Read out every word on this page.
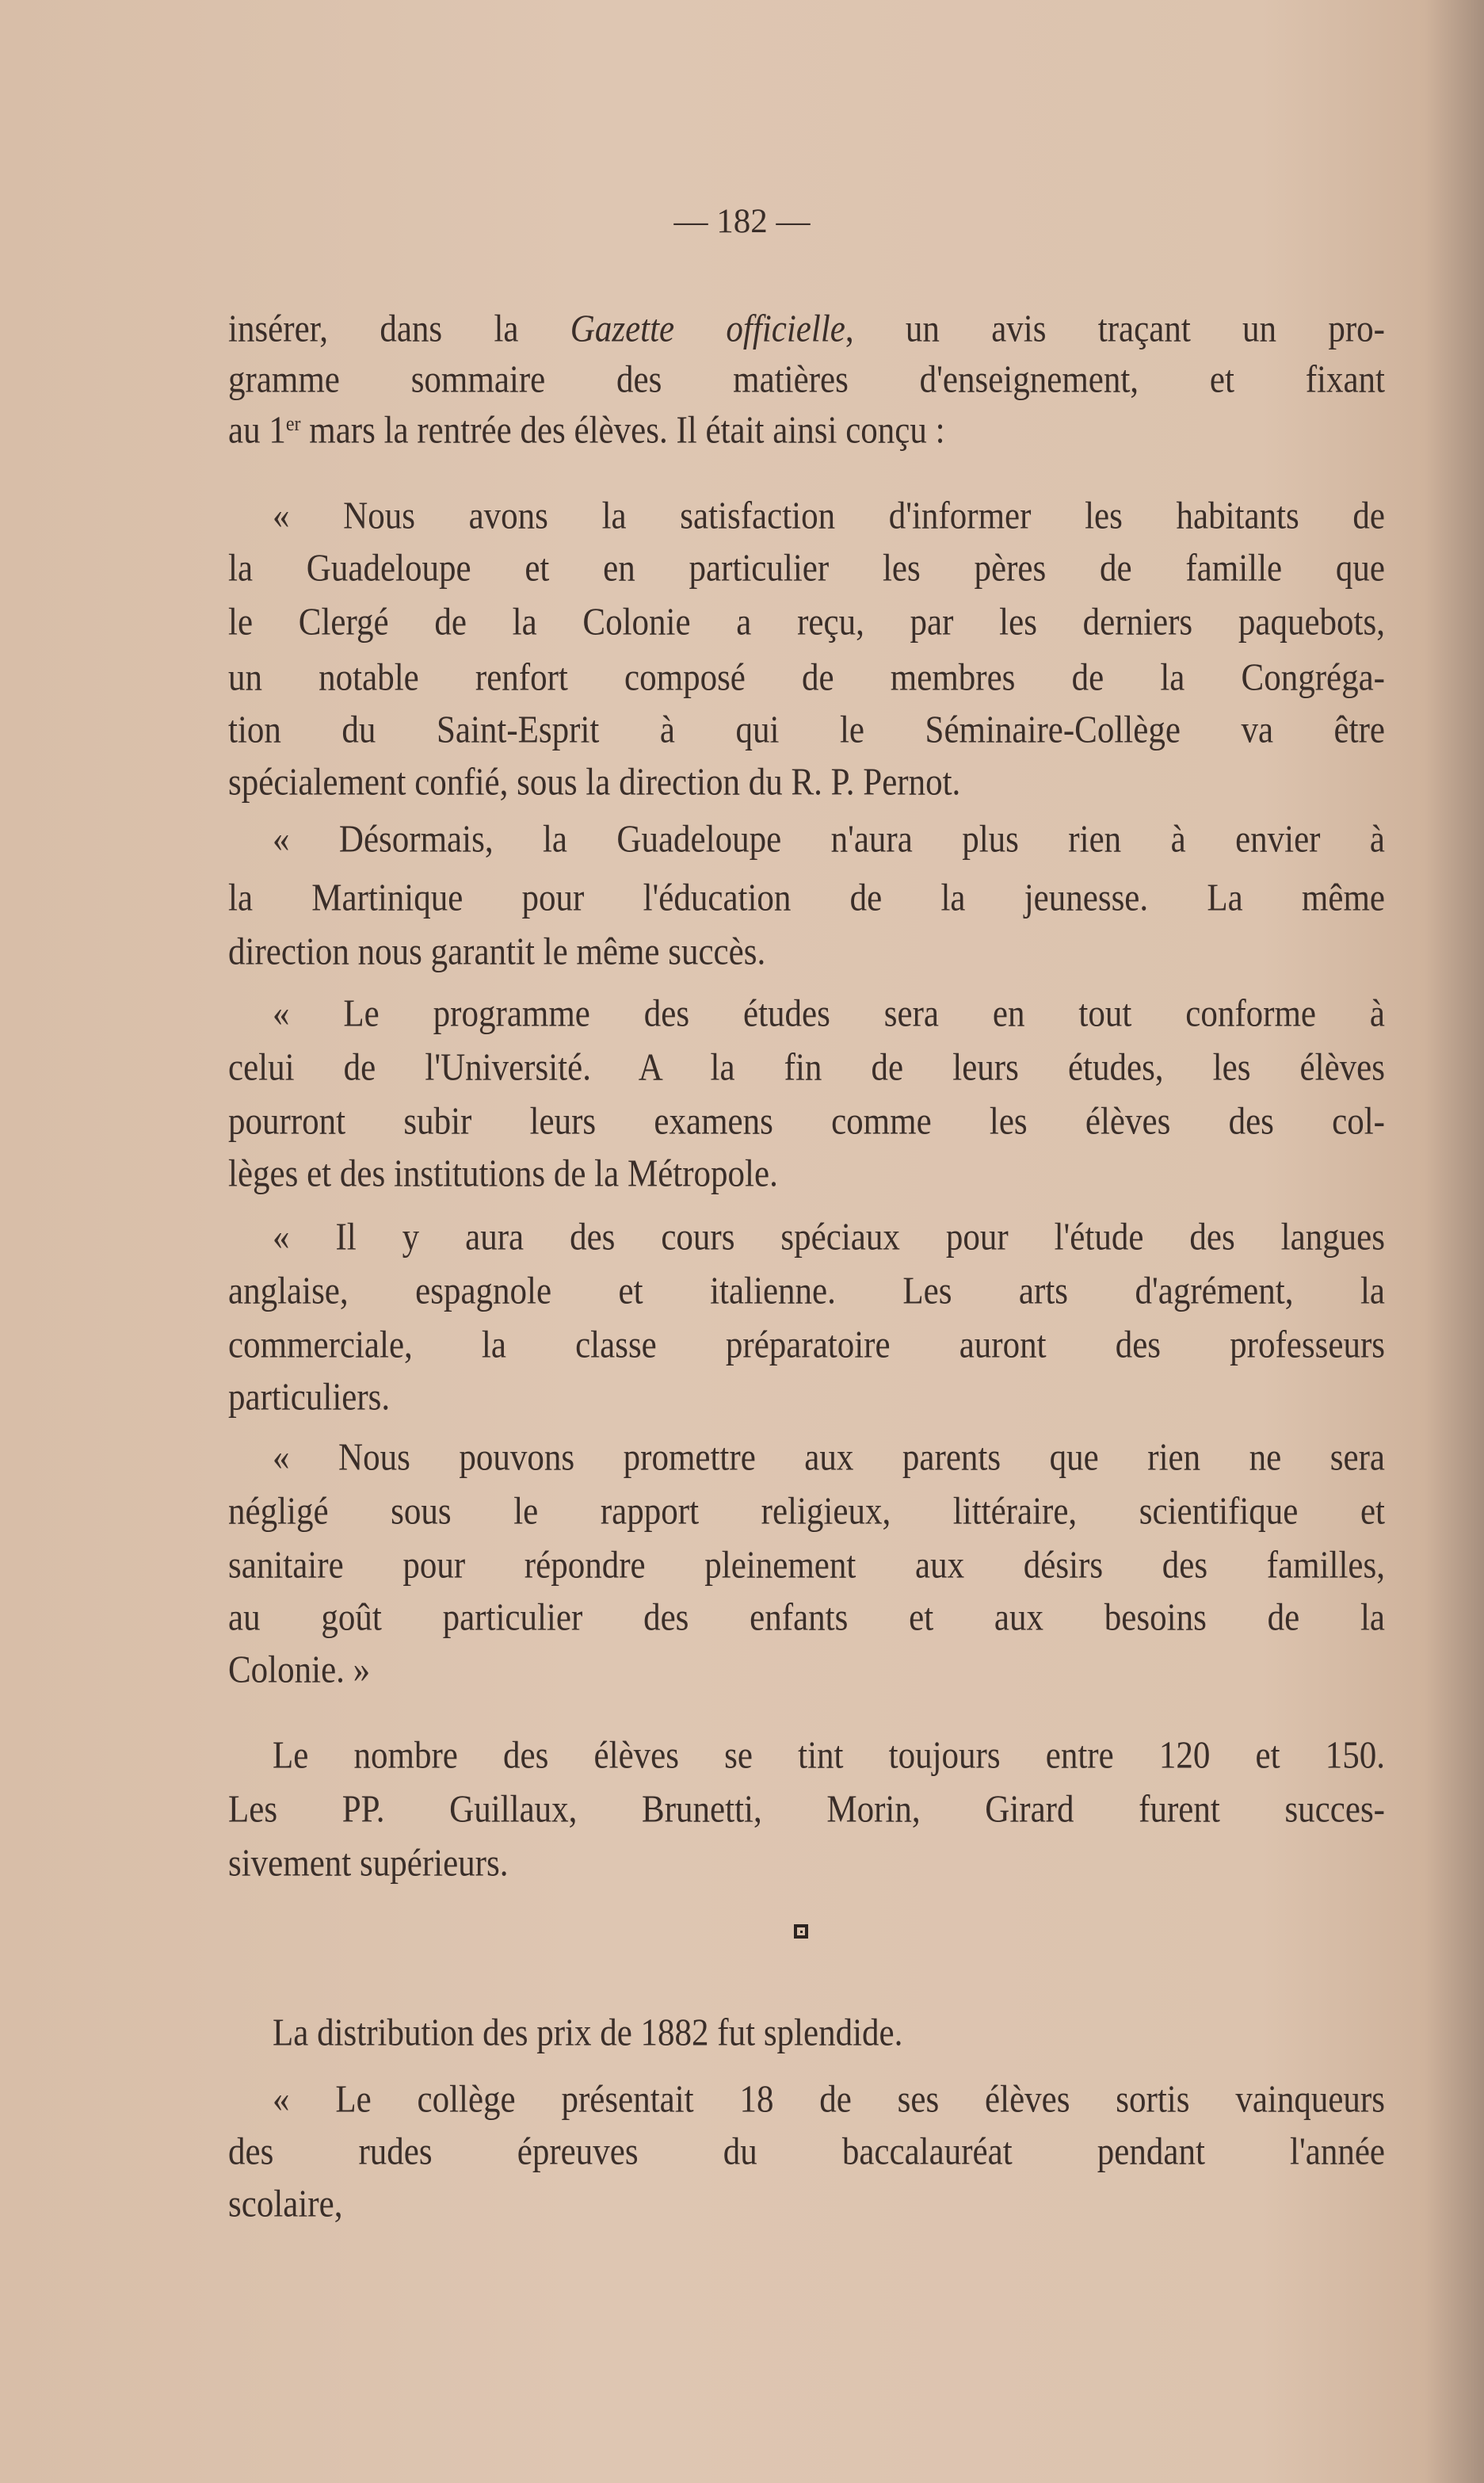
— 182 —
insérer, dans la Gazette officielle, un avis traçant un pro-
gramme sommaire des matières d'enseignement, et fixant
au 1er mars la rentrée des élèves. Il était ainsi conçu :
« Nous avons la satisfaction d'informer les habitants de
la Guadeloupe et en particulier les pères de famille que
le Clergé de la Colonie a reçu, par les derniers paquebots,
un notable renfort composé de membres de la Congréga-
tion du Saint-Esprit à qui le Séminaire-Collège va être
spécialement confié, sous la direction du R. P. Pernot.
« Désormais, la Guadeloupe n'aura plus rien à envier à
la Martinique pour l'éducation de la jeunesse. La même
direction nous garantit le même succès.
« Le programme des études sera en tout conforme à
celui de l'Université. A la fin de leurs études, les élèves
pourront subir leurs examens comme les élèves des col-
lèges et des institutions de la Métropole.
« Il y aura des cours spéciaux pour l'étude des langues
anglaise, espagnole et italienne. Les arts d'agrément, la
commerciale, la classe préparatoire auront des professeurs
particuliers.
« Nous pouvons promettre aux parents que rien ne sera
négligé sous le rapport religieux, littéraire, scientifique et
sanitaire pour répondre pleinement aux désirs des familles,
au goût particulier des enfants et aux besoins de la
Colonie. »
Le nombre des élèves se tint toujours entre 120 et 150.
Les PP. Guillaux, Brunetti, Morin, Girard furent succes-
sivement supérieurs.
La distribution des prix de 1882 fut splendide.
« Le collège présentait 18 de ses élèves sortis vainqueurs
des rudes épreuves du baccalauréat pendant l'année
scolaire,
